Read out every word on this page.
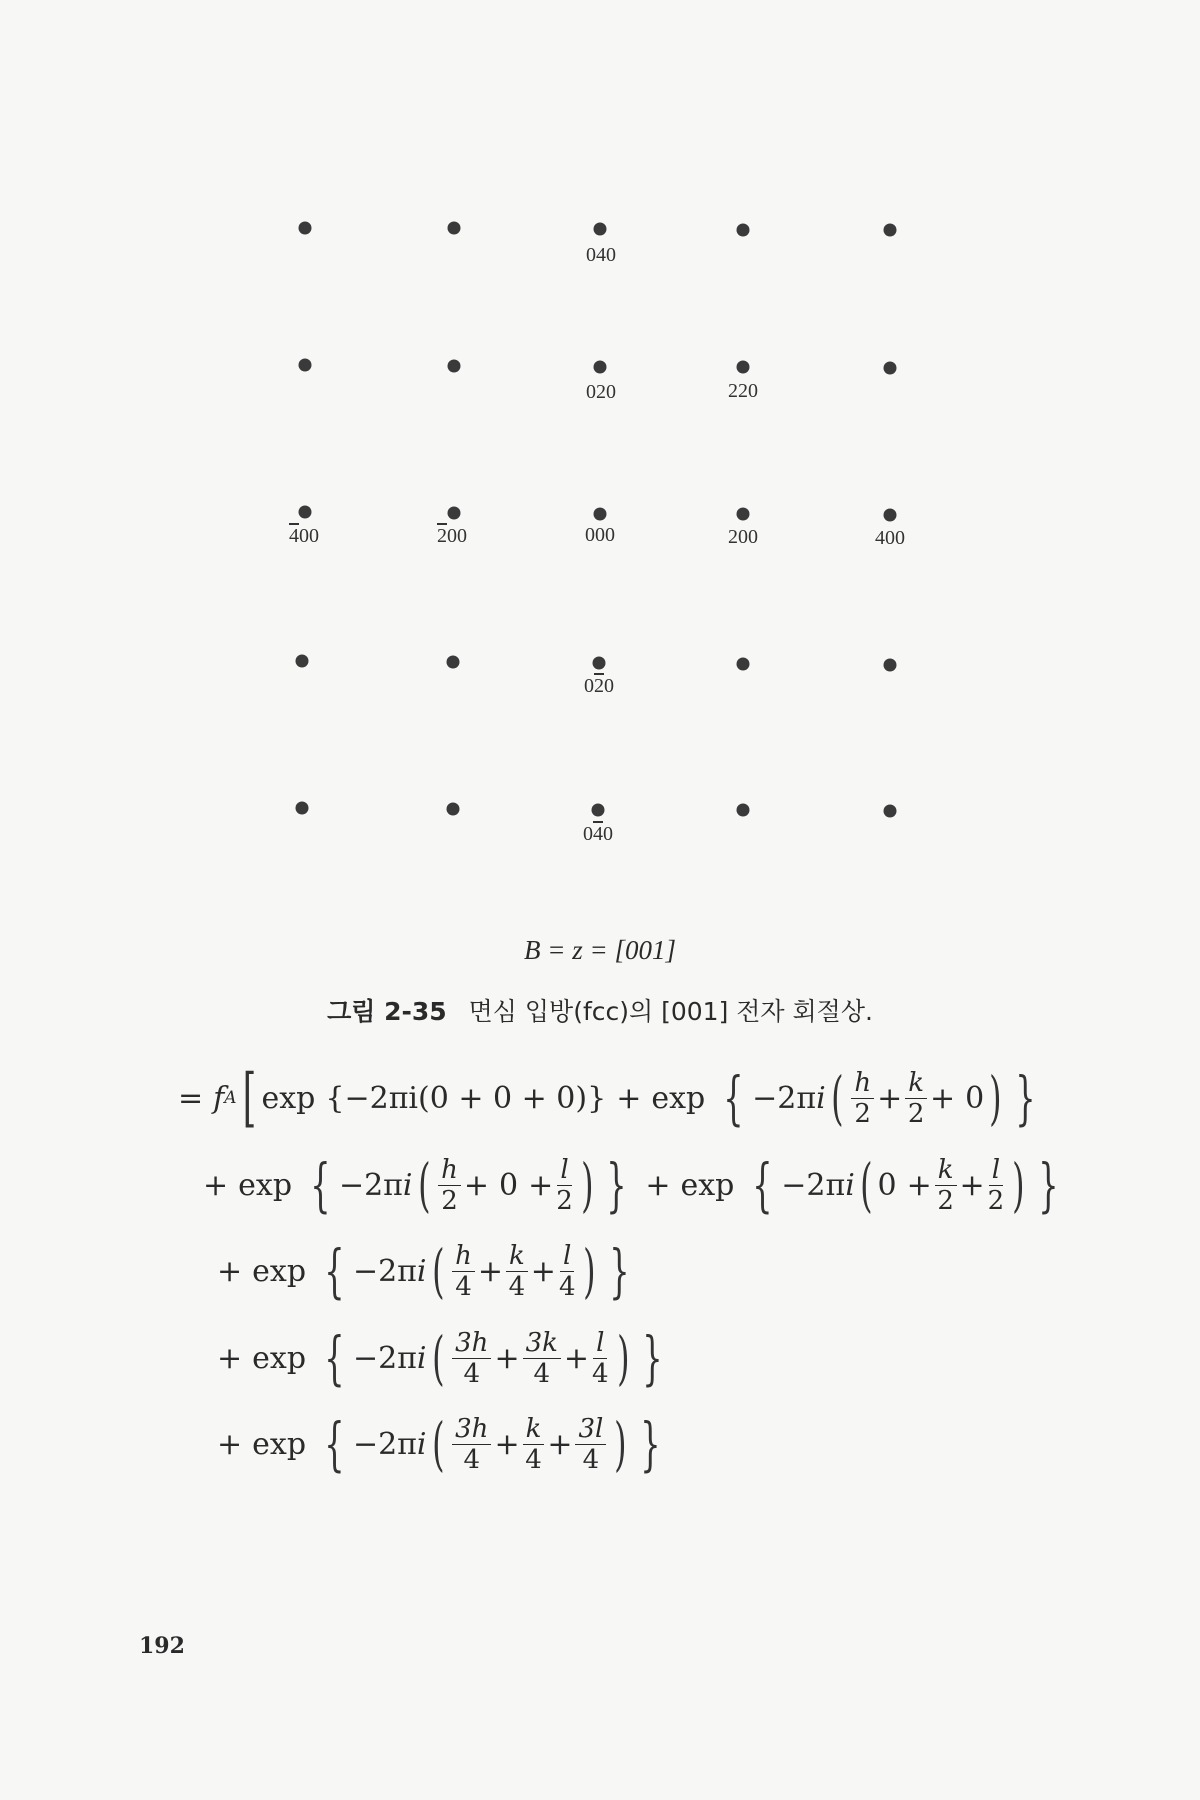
040
020	220
400	200	000	200	400
020
040
B = z = [001]
그림 2-35 면심 입방(fcc)의 [001] 전자 회절상.
= f A [ exp {−2πi(0 + 0 + 0)} + exp { −2π i ( $\frac{h}{2} + \frac{k}{2} + 0$ ) }
+ exp { −2π i ( $\frac{h}{2} + 0 + \frac{l}{2}$ ) } + exp { −2π i ( $0 + \frac{k}{2} + \frac{l}{2}$ ) }
+ exp { −2π i ( $\frac{h}{4} + \frac{k}{4} + \frac{l}{4}$ ) }
+ exp { −2π i ( $\frac{3h}{4} + \frac{3k}{4} + \frac{l}{4}$ ) }
+ exp { −2π i ( $\frac{3h}{4} + \frac{k}{4} + \frac{3l}{4}$ ) }
192
